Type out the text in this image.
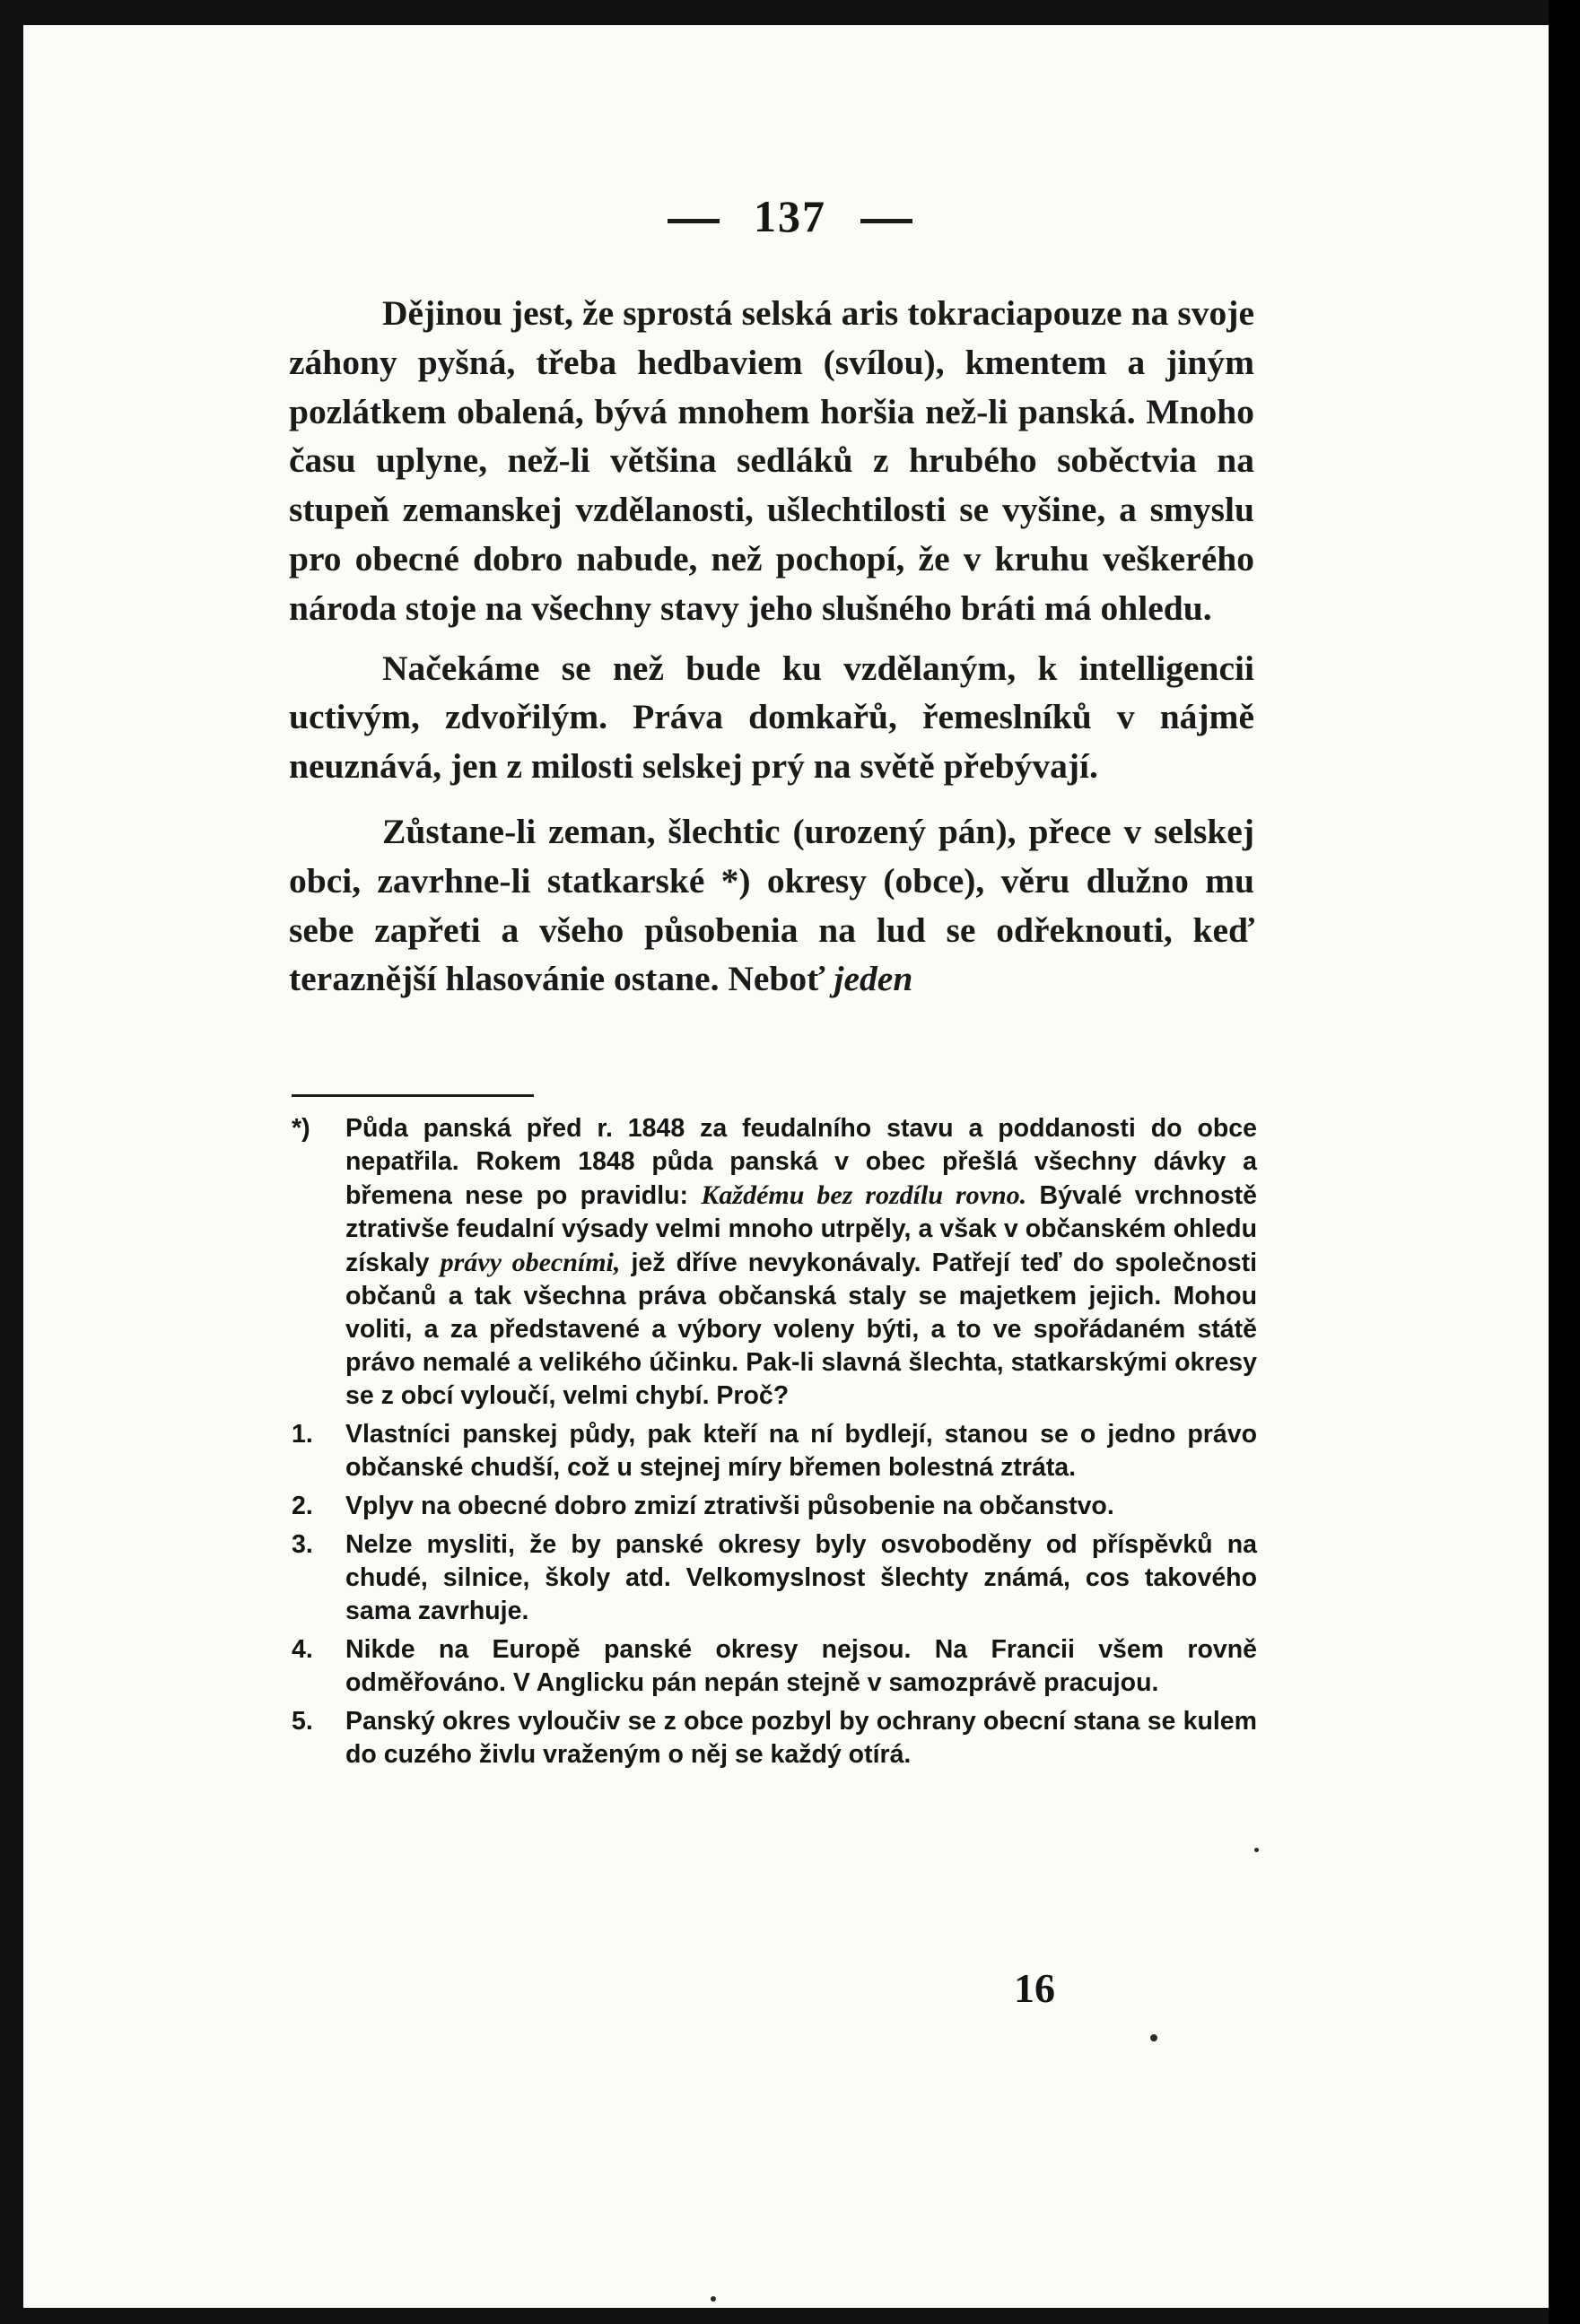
137

Dějinou jest, že sprostá selská aris tokraciapouze na svoje záhony pyšná, třeba hedbaviem (svílou), kmentem a jiným pozlátkem obalená, bývá mnohem horšia než-li panská. Mnoho času uplyne, než-li většina sedláků z hrubého soběctvia na stupeň zemanskej vzdělanosti, ušlechtilosti se vyšine, a smyslu pro obecné dobro nabude, než pochopí, že v kruhu veškerého národa stoje na všechny stavy jeho slušného bráti má ohledu.

Načekáme se než bude ku vzdělaným, k intelligencii uctivým, zdvořilým. Práva domkařů, řemeslníků v nájmě neuznává, jen z milosti selskej prý na světě přebývají.

Zůstane-li zeman, šlechtic (urozený pán), přece v selskej obci, zavrhne-li statkarské *) okresy (obce), věru dlužno mu sebe zapřeti a všeho působenia na lud se odřeknouti, keď teraznější hlasovánie ostane. Neboť jeden

*)	Půda panská před r. 1848 za feudalního stavu a poddanosti do obce nepatřila. Rokem 1848 půda panská v obec přešlá všechny dávky a břemena nese po pravidlu: Každému bez rozdílu rovno. Bývalé vrchnostě ztrativše feudalní výsady velmi mnoho utrpěly, a však v občanském ohledu získaly právy obecními, jež dříve nevykonávaly. Patřejí teď do společnosti občanů a tak všechna práva občanská staly se majetkem jejich. Mohou voliti, a za představené a výbory voleny býti, a to ve spořádaném státě právo nemalé a velikého účinku. Pak-li slavná šlechta, statkarskými okresy se z obcí vyloučí, velmi chybí. Proč?
1.	Vlastníci panskej půdy, pak kteří na ní bydlejí, stanou se o jedno právo občanské chudší, což u stejnej míry břemen bolestná ztráta.
2.	Vplyv na obecné dobro zmizí ztrativši působenie na občanstvo.
3.	Nelze mysliti, že by panské okresy byly osvoboděny od příspěvků na chudé, silnice, školy atd. Velkomyslnost šlechty známá, cos takového sama zavrhuje.
4.	Nikde na Europě panské okresy nejsou. Na Francii všem rovně odměřováno. V Anglicku pán nepán stejně v samozprávě pracujou.
5.	Panský okres vyloučiv se z obce pozbyl by ochrany obecní stana se kulem do cuzého živlu vraženým o něj se každý otírá.
16
